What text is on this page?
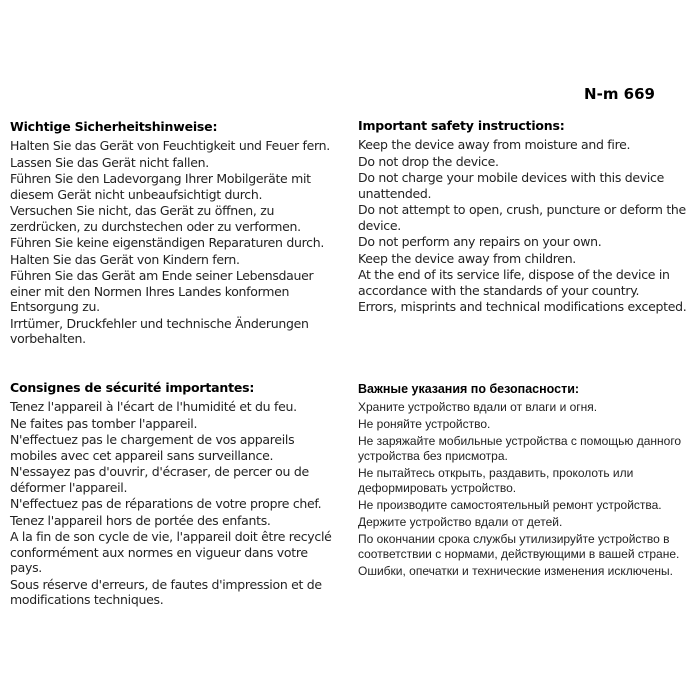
N-m 669
Wichtige Sicherheitshinweise:

Halten Sie das Gerät von Feuchtigkeit und Feuer fern.

Lassen Sie das Gerät nicht fallen.

Führen Sie den Ladevorgang Ihrer Mobilgeräte mit diesem Gerät nicht unbeaufsichtigt durch.

Versuchen Sie nicht, das Gerät zu öffnen, zu zerdrücken, zu durchstechen oder zu verformen.

Führen Sie keine eigenständigen Reparaturen durch.

Halten Sie das Gerät von Kindern fern.

Führen Sie das Gerät am Ende seiner Lebensdauer einer mit den Normen Ihres Landes konformen Entsorgung zu.

Irrtümer, Druckfehler und technische Änderungen vorbehalten.

Important safety instructions:

Keep the device away from moisture and fire.

Do not drop the device.

Do not charge your mobile devices with this device unattended.

Do not attempt to open, crush, puncture or deform the device.

Do not perform any repairs on your own.

Keep the device away from children.

At the end of its service life, dispose of the device in accordance with the standards of your country.

Errors, misprints and technical modifications excepted.

Consignes de sécurité importantes:

Tenez l'appareil à l'écart de l'humidité et du feu.

Ne faites pas tomber l'appareil.

N'effectuez pas le chargement de vos appareils mobiles avec cet appareil sans surveillance.

N'essayez pas d'ouvrir, d'écraser, de percer ou de déformer l'appareil.

N'effectuez pas de réparations de votre propre chef.

Tenez l'appareil hors de portée des enfants.

A la fin de son cycle de vie, l'appareil doit être recyclé conformément aux normes en vigueur dans votre pays.

Sous réserve d'erreurs, de fautes d'impression et de modifications techniques.

Важные указания по безопасности:

Храните устройство вдали от влаги и огня.

Не роняйте устройство.

Не заряжайте мобильные устройства с помощью данного устройства без присмотра.

Не пытайтесь открыть, раздавить, проколоть или деформировать устройство.

Не производите самостоятельный ремонт устройства.

Держите устройство вдали от детей.

По окончании срока службы утилизируйте устройство в соответствии с нормами, действующими в вашей стране.

Ошибки, опечатки и технические изменения исключены.
